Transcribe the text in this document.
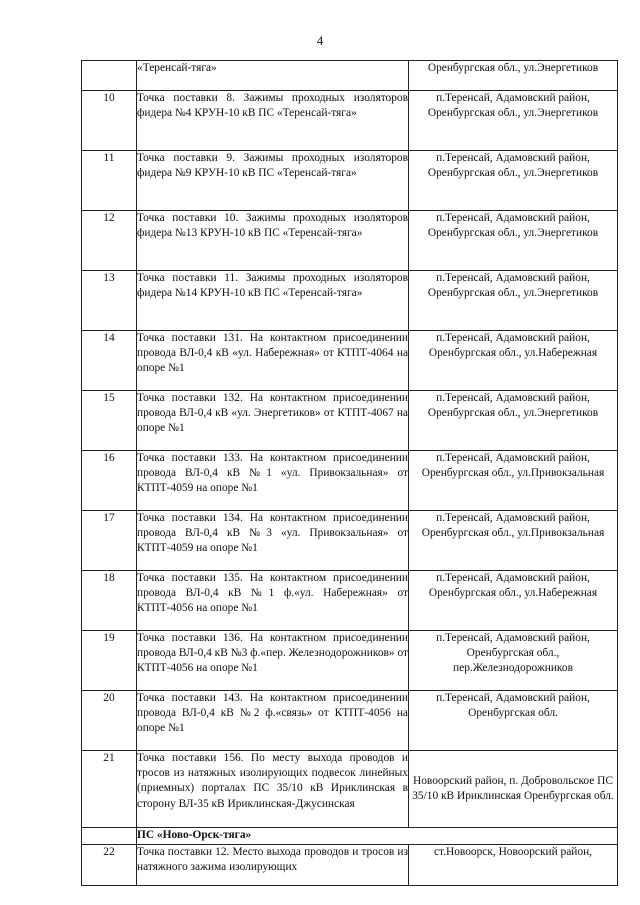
4
	«Теренсай-тяга»	Оренбургская обл., ул.Энергетиков
10	Точка поставки 8. Зажимы проходных изоляторов фидера №4 КРУН-10 кВ ПС «Теренсай-тяга»	п.Теренсай, Адамовский район, Оренбургская обл., ул.Энергетиков
11	Точка поставки 9. Зажимы проходных изоляторов фидера №9 КРУН-10 кВ ПС «Теренсай-тяга»	п.Теренсай, Адамовский район, Оренбургская обл., ул.Энергетиков
12	Точка поставки 10. Зажимы проходных изоляторов фидера №13 КРУН-10 кВ ПС «Теренсай-тяга»	п.Теренсай, Адамовский район, Оренбургская обл., ул.Энергетиков
13	Точка поставки 11. Зажимы проходных изоляторов фидера №14 КРУН-10 кВ ПС «Теренсай-тяга»	п.Теренсай, Адамовский район, Оренбургская обл., ул.Энергетиков
14	Точка поставки 131. На контактном присоединении провода ВЛ-0,4 кВ «ул. Набережная» от КТПТ-4064 на опоре №1	п.Теренсай, Адамовский район, Оренбургская обл., ул.Набережная
15	Точка поставки 132. На контактном присоединении провода ВЛ-0,4 кВ «ул. Энергетиков» от КТПТ-4067 на опоре №1	п.Теренсай, Адамовский район, Оренбургская обл., ул.Энергетиков
16	Точка поставки 133. На контактном присоединении провода ВЛ-0,4 кВ №1 «ул. Привокзальная» от КТПТ-4059 на опоре №1	п.Теренсай, Адамовский район, Оренбургская обл., ул.Привокзальная
17	Точка поставки 134. На контактном присоединении провода ВЛ-0,4 кВ №3 «ул. Привокзальная» от КТПТ-4059 на опоре №1	п.Теренсай, Адамовский район, Оренбургская обл., ул.Привокзальная
18	Точка поставки 135. На контактном присоединении провода ВЛ-0,4 кВ №1 ф.«ул. Набережная» от КТПТ-4056 на опоре №1	п.Теренсай, Адамовский район, Оренбургская обл., ул.Набережная
19	Точка поставки 136. На контактном присоединении провода ВЛ-0,4 кВ №3 ф.«пер. Железнодорожников» от КТПТ-4056 на опоре №1	п.Теренсай, Адамовский район, Оренбургская обл., пер.Железнодорожников
20	Точка поставки 143. На контактном присоединении провода ВЛ-0,4 кВ №2 ф.«связь» от КТПТ-4056 на опоре №1	п.Теренсай, Адамовский район, Оренбургская обл.
21	Точка поставки 156. По месту выхода проводов и тросов из натяжных изолирующих подвесок линейных (приемных) порталах ПС 35/10 кВ Ириклинская в сторону ВЛ-35 кВ Ириклинская-Джусинская	Новоорский район, п. Добровольское ПС 35/10 кВ Ириклинская Оренбургская обл.
	ПС «Ново-Орск-тяга»	
22	Точка поставки 12. Место выхода проводов и тросов из натяжного зажима изолирующих	ст.Новоорск, Новоорский район,
